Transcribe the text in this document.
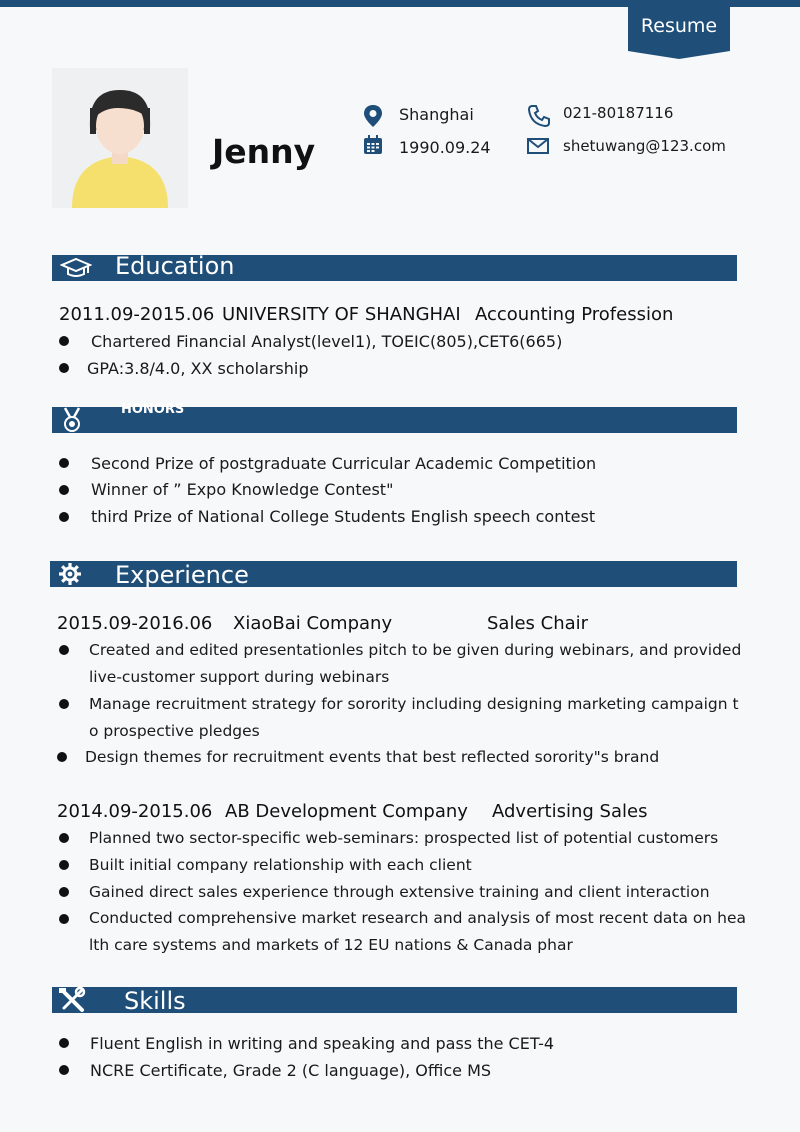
Resume
Jenny
Shanghai
1990.09.24
021-80187116
shetuwang@123.com
Education
2011.09-2015.06 UNIVERSITY OF SHANGHAI Accounting Profession
Chartered Financial Analyst(level1), TOEIC(805),CET6(665)
GPA:3.8/4.0, XX scholarship
HONORS
Second Prize of postgraduate Curricular Academic Competition
Winner of ” Expo Knowledge Contest"
third Prize of National College Students English speech contest
Experience
2015.09-2016.06 XiaoBai Company	Sales Chair
Created and edited presentationles pitch to be given during webinars, and provided
live-customer support during webinars
Manage recruitment strategy for sorority including designing marketing campaign t
o prospective pledges
Design themes for recruitment events that best reflected sorority"s brand
2014.09-2015.06 AB Development Company Advertising Sales
Planned two sector-specific web-seminars: prospected list of potential customers
Built initial company relationship with each client
Gained direct sales experience through extensive training and client interaction
Conducted comprehensive market research and analysis of most recent data on hea
lth care systems and markets of 12 EU nations & Canada phar
Skills
Fluent English in writing and speaking and pass the CET-4
NCRE Certificate, Grade 2 (C language), Office MS
